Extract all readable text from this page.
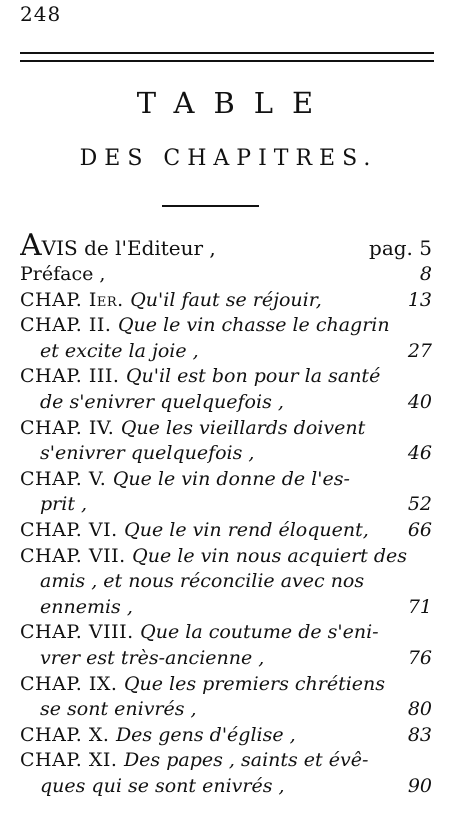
248
TABLE
DES CHAPITRES.
AVIS de l'Editeur ,	pag. 5
Préface ,	8
CHAP. Ier. Qu'il faut se réjouir,	13
CHAP. II. Que le vin chasse le chagrin
et excite la joie ,	27
CHAP. III. Qu'il est bon pour la santé
de s'enivrer quelquefois ,	40
CHAP. IV. Que les vieillards doivent
s'enivrer quelquefois ,	46
CHAP. V. Que le vin donne de l'es-
prit ,	52
CHAP. VI. Que le vin rend éloquent,	66
CHAP. VII. Que le vin nous acquiert des
amis , et nous réconcilie avec nos
ennemis ,	71
CHAP. VIII. Que la coutume de s'eni-
vrer est très-ancienne ,	76
CHAP. IX. Que les premiers chrétiens
se sont enivrés ,	80
CHAP. X. Des gens d'église ,	83
CHAP. XI. Des papes , saints et évê-
ques qui se sont enivrés ,	90
